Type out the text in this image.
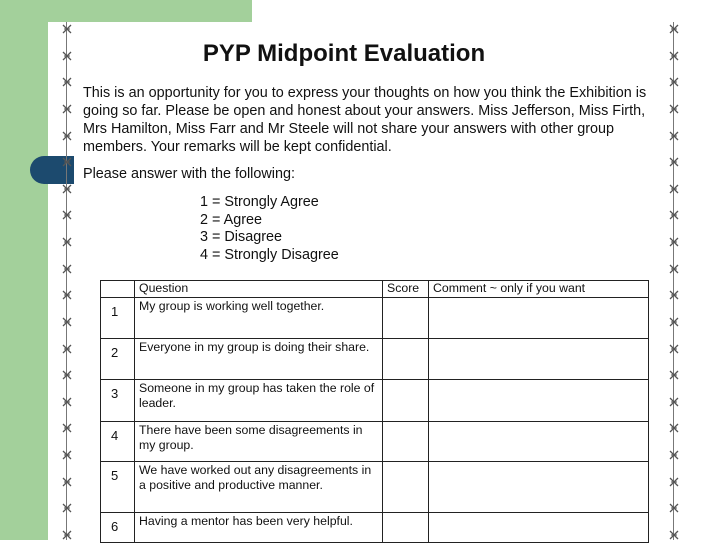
PYP Midpoint Evaluation

This is an opportunity for you to express your thoughts on how you think the Exhibition is going so far. Please be open and honest about your answers. Miss Jefferson, Miss Firth, Mrs Hamilton, Miss Farr and Mr Steele will not share your answers with other group members. Your remarks will be kept confidential.

Please answer with the following:

1 = Strongly Agree
2 = Agree
3 = Disagree
4 = Strongly Disagree
	Question	Score	Comment ~ only if you want
1	My group is working well together.		
2	Everyone in my group is doing their share.		
3	Someone in my group has taken the role of leader.		
4	There have been some disagreements in my group.		
5	We have worked out any disagreements in a positive and productive manner.		
6	Having a mentor has been very helpful.		
